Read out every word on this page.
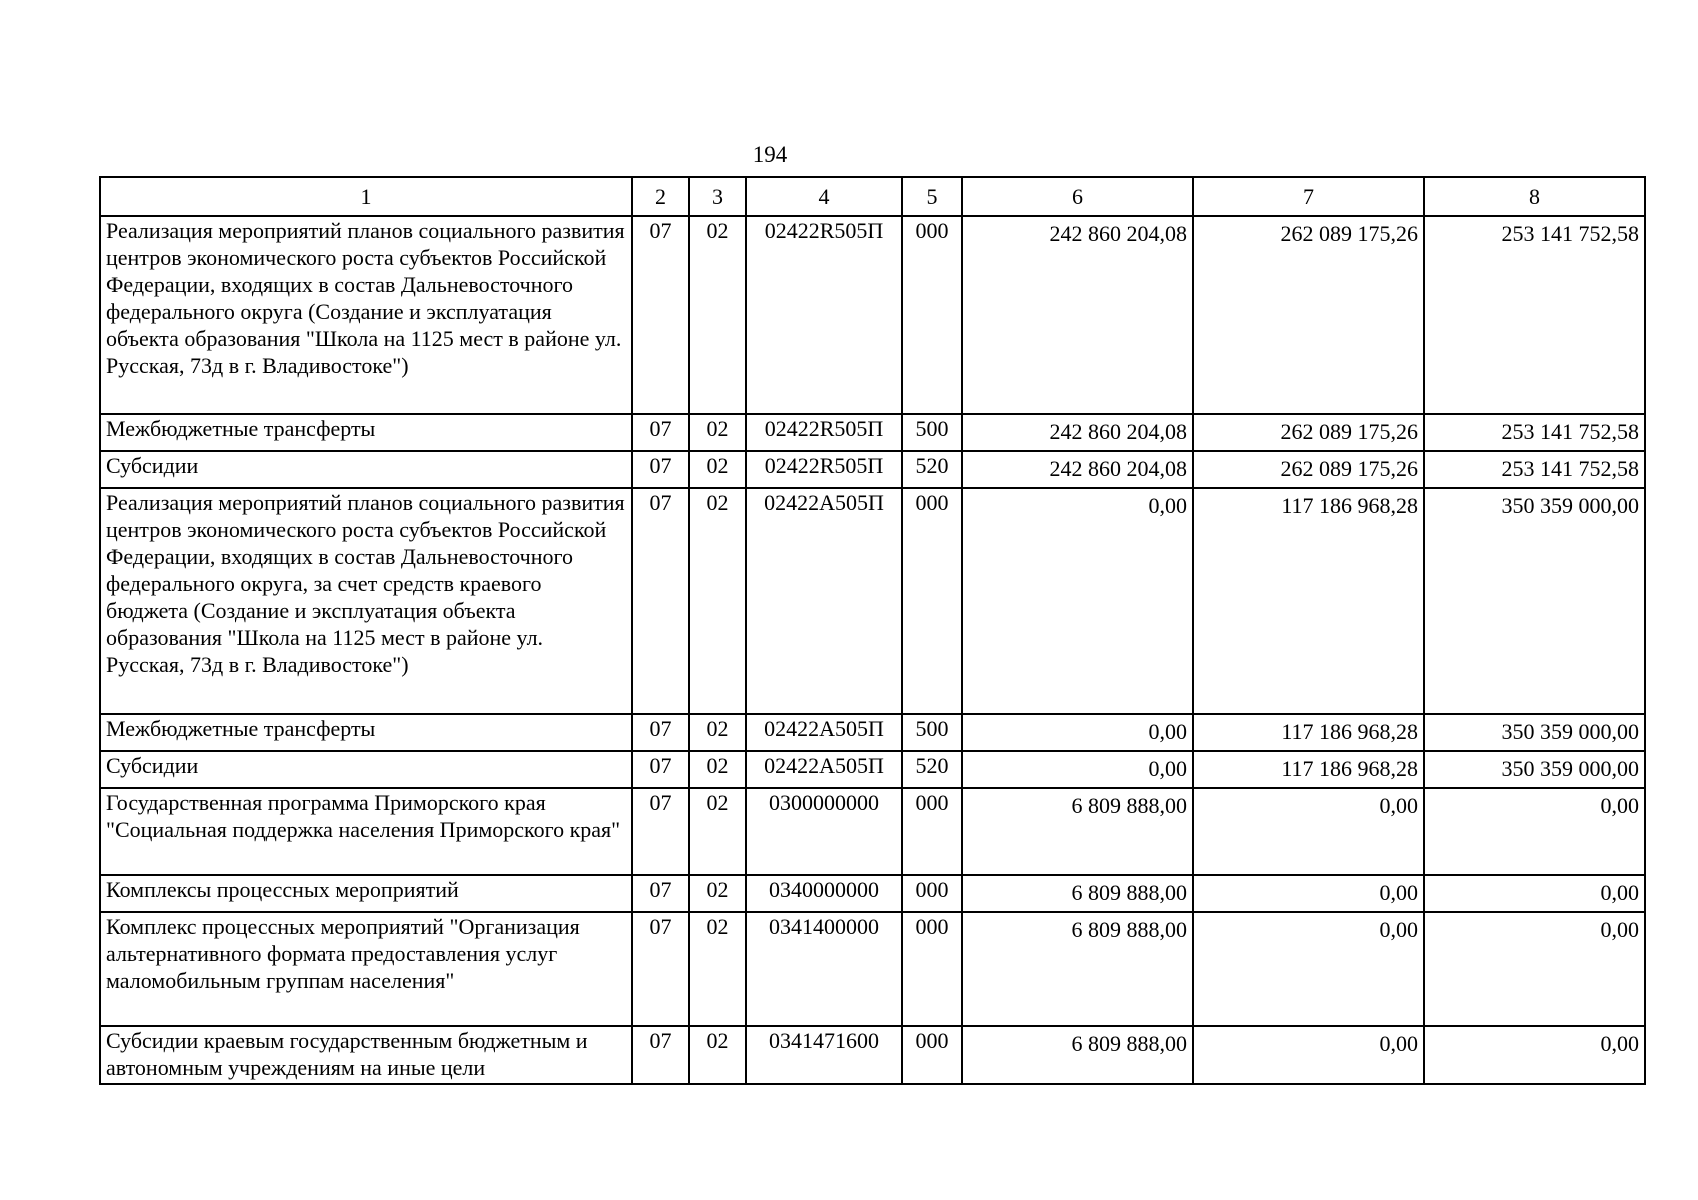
194
1	2	3	4	5	6	7	8
Реализация мероприятий планов социального развития центров экономического роста субъектов Российской Федерации, входящих в состав Дальневосточного федерального округа (Создание и эксплуатация объекта образования "Школа на 1125 мест в районе ул. Русская, 73д в г. Владивостоке")	07	02	02422R505П	000	242 860 204,08	262 089 175,26	253 141 752,58
Межбюджетные трансферты	07	02	02422R505П	500	242 860 204,08	262 089 175,26	253 141 752,58
Субсидии	07	02	02422R505П	520	242 860 204,08	262 089 175,26	253 141 752,58
Реализация мероприятий планов социального развития центров экономического роста субъектов Российской Федерации, входящих в состав Дальневосточного федерального округа, за счет средств краевого бюджета (Создание и эксплуатация объекта образования "Школа на 1125 мест в районе ул. Русская, 73д в г. Владивостоке")	07	02	02422A505П	000	0,00	117 186 968,28	350 359 000,00
Межбюджетные трансферты	07	02	02422A505П	500	0,00	117 186 968,28	350 359 000,00
Субсидии	07	02	02422A505П	520	0,00	117 186 968,28	350 359 000,00
Государственная программа Приморского края "Социальная поддержка населения Приморского края"	07	02	0300000000	000	6 809 888,00	0,00	0,00
Комплексы процессных мероприятий	07	02	0340000000	000	6 809 888,00	0,00	0,00
Комплекс процессных мероприятий "Организация альтернативного формата предоставления услуг маломобильным группам населения"	07	02	0341400000	000	6 809 888,00	0,00	0,00
Субсидии краевым государственным бюджетным и автономным учреждениям на иные цели	07	02	0341471600	000	6 809 888,00	0,00	0,00
